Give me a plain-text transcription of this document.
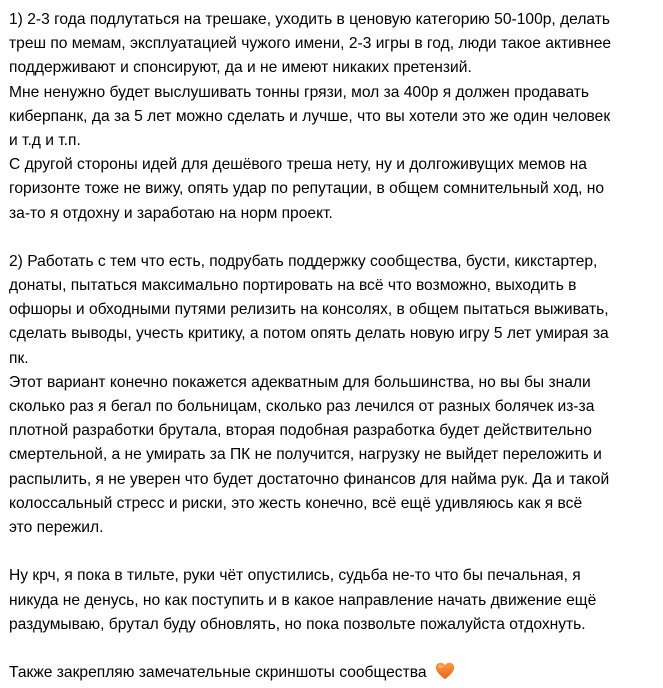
1) 2-3 года подлутаться на трешаке, уходить в ценовую категорию 50-100р, делать
треш по мемам, эксплуатацией чужого имени, 2-3 игры в год, люди такое активнее
поддерживают и спонсируют, да и не имеют никаких претензий.
Мне ненужно будет выслушивать тонны грязи, мол за 400р я должен продавать
киберпанк, да за 5 лет можно сделать и лучше, что вы хотели это же один человек
и т.д и т.п.
С другой стороны идей для дешёвого треша нету, ну и долгоживущих мемов на
горизонте тоже не вижу, опять удар по репутации, в общем сомнительный ход, но
за-то я отдохну и заработаю на норм проект.
2) Работать с тем что есть, подрубать поддержку сообщества, бусти, кикстартер,
донаты, пытаться максимально портировать на всё что возможно, выходить в
офшоры и обходными путями релизить на консолях, в общем пытаться выживать,
сделать выводы, учесть критику, а потом опять делать новую игру 5 лет умирая за
пк.
Этот вариант конечно покажется адекватным для большинства, но вы бы знали
сколько раз я бегал по больницам, сколько раз лечился от разных болячек из-за
плотной разработки брутала, вторая подобная разработка будет действительно
смертельной, а не умирать за ПК не получится, нагрузку не выйдет переложить и
распылить, я не уверен что будет достаточно финансов для найма рук. Да и такой
колоссальный стресс и риски, это жесть конечно, всё ещё удивляюсь как я всё
это пережил.
Ну крч, я пока в тильте, руки чёт опустились, судьба не-то что бы печальная, я
никуда не денусь, но как поступить и в какое направление начать движение ещё
раздумываю, брутал буду обновлять, но пока позвольте пожалуйста отдохнуть.
Также закрепляю замечательные скриншоты сообщества
